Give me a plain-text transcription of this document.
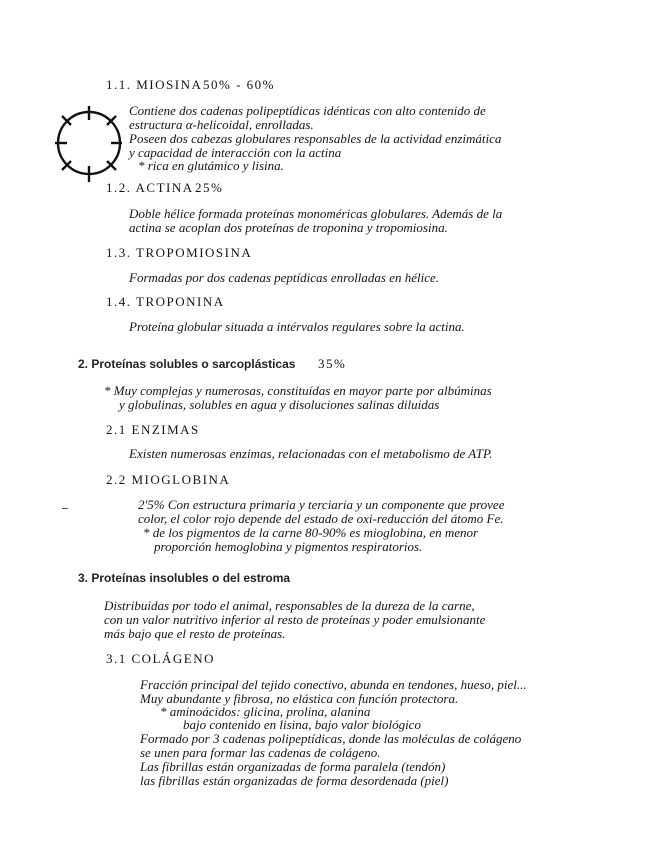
1.1. MIOSINA 50% - 60%
Contiene dos cadenas polipeptídicas idénticas con alto contenido de
estructura α-helicoidal, enrolladas.
Poseen dos cabezas globulares responsables de la actividad enzimática
y capacidad de interacción con la actina
* rica en glutámico y lisina.
1.2. ACTINA 25%
Doble hélice formada proteínas monoméricas globulares. Además de la
actina se acoplan dos proteínas de troponina y tropomiosina.
1.3. TROPOMIOSINA
Formadas por dos cadenas peptídicas enrolladas en hélice.
1.4. TROPONINA
Proteína globular situada a intérvalos regulares sobre la actina.
2. Proteínas solubles o sarcoplásticas 35%
* Muy complejas y numerosas, constituídas en mayor parte por albúminas
y globulinas, solubles en agua y disoluciones salinas diluidas
2.1 ENZIMAS
Existen numerosas enzimas, relacionadas con el metabolismo de ATP.
2.2 MIOGLOBINA
2'5% Con estructura primaria y terciaria y un componente que provee
color, el color rojo depende del estado de oxi-reducción del átomo Fe.
* de los pigmentos de la carne 80-90% es mioglobina, en menor
proporción hemoglobina y pigmentos respiratorios.
3. Proteínas insolubles o del estroma
Distribuidas por todo el animal, responsables de la dureza de la carne,
con un valor nutritivo inferior al resto de proteínas y poder emulsionante
más bajo que el resto de proteínas.
3.1 COLÁGENO
Fracción principal del tejido conectivo, abunda en tendones, hueso, piel...
Muy abundante y fibrosa, no elástica con función protectora.
* aminoácidos: glicina, prolina, alanina
bajo contenido en lisina, bajo valor biológico
Formado por 3 cadenas polipeptídicas, donde las moléculas de colágeno
se unen para formar las cadenas de colágeno.
Las fibrillas están organizadas de forma paralela (tendón)
las fibrillas están organizadas de forma desordenada (piel)
